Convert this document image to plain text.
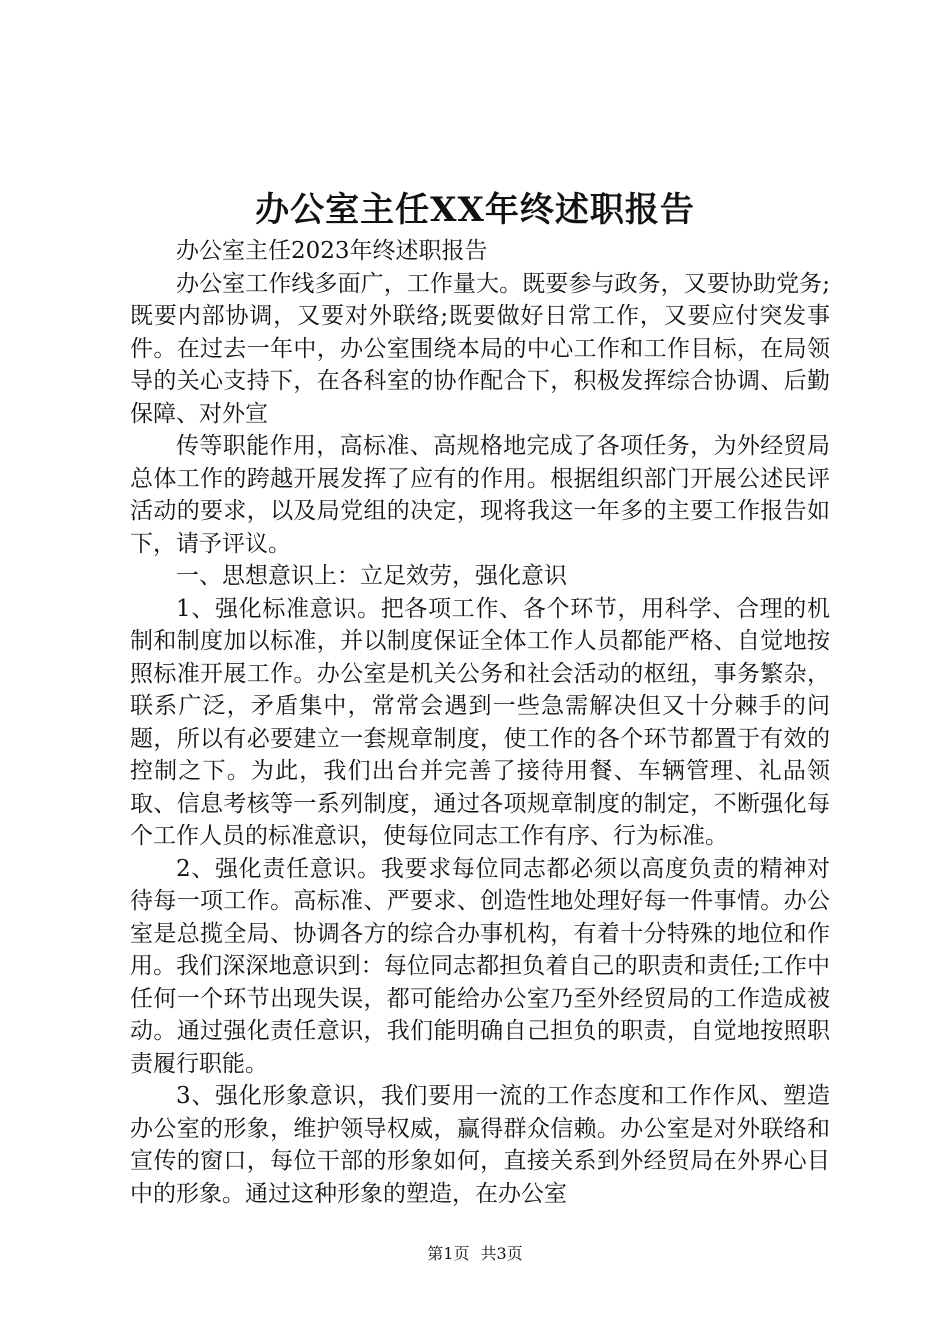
办公室主任XX年终述职报告

办公室主任2023年终述职报告

办公室工作线多面广，工作量大。既要参与政务，又要协助党务;既要内部协调，又要对外联络;既要做好日常工作，又要应付突发事件。在过去一年中，办公室围绕本局的中心工作和工作目标，在局领导的关心支持下，在各科室的协作配合下，积极发挥综合协调、后勤保障、对外宣

传等职能作用，高标准、高规格地完成了各项任务，为外经贸局总体工作的跨越开展发挥了应有的作用。根据组织部门开展公述民评活动的要求，以及局党组的决定，现将我这一年多的主要工作报告如下，请予评议。

一、思想意识上：立足效劳，强化意识

1、强化标准意识。把各项工作、各个环节，用科学、合理的机制和制度加以标准，并以制度保证全体工作人员都能严格、自觉地按照标准开展工作。办公室是机关公务和社会活动的枢纽，事务繁杂，联系广泛，矛盾集中，常常会遇到一些急需解决但又十分棘手的问题，所以有必要建立一套规章制度，使工作的各个环节都置于有效的控制之下。为此，我们出台并完善了接待用餐、车辆管理、礼品领取、信息考核等一系列制度，通过各项规章制度的制定，不断强化每个工作人员的标准意识，使每位同志工作有序、行为标准。

2、强化责任意识。我要求每位同志都必须以高度负责的精神对待每一项工作。高标准、严要求、创造性地处理好每一件事情。办公室是总揽全局、协调各方的综合办事机构，有着十分特殊的地位和作用。我们深深地意识到：每位同志都担负着自己的职责和责任;工作中任何一个环节出现失误，都可能给办公室乃至外经贸局的工作造成被动。通过强化责任意识，我们能明确自己担负的职责，自觉地按照职责履行职能。

3、强化形象意识，我们要用一流的工作态度和工作作风、塑造办公室的形象，维护领导权威，赢得群众信赖。办公室是对外联络和宣传的窗口，每位干部的形象如何，直接关系到外经贸局在外界心目中的形象。通过这种形象的塑造，在办公室

第1页 共3页
